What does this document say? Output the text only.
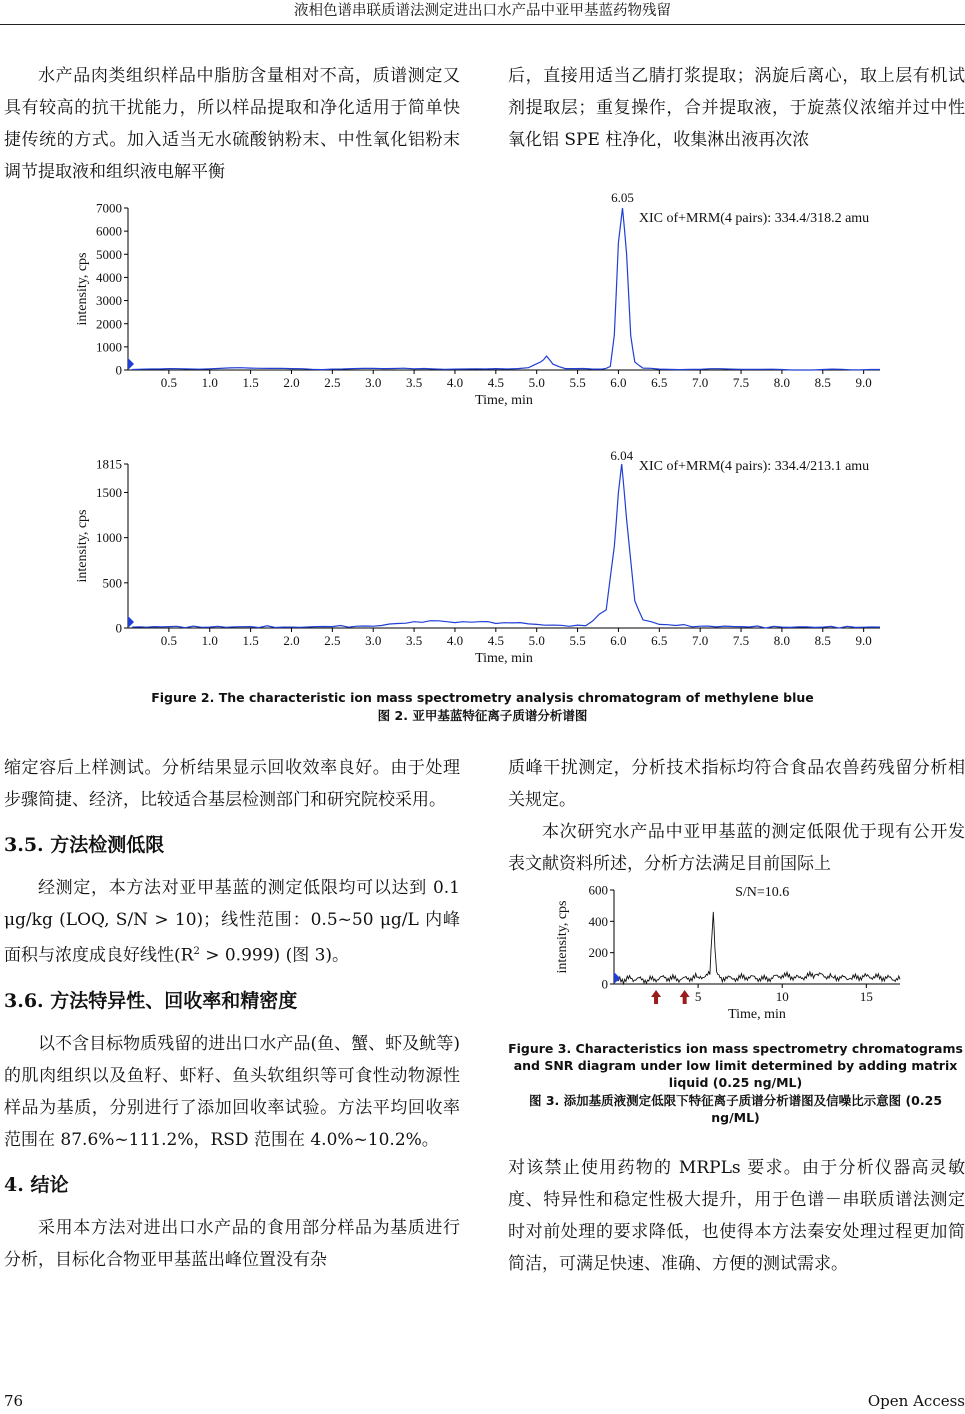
液相色谱串联质谱法测定进出口水产品中亚甲基蓝药物残留

水产品肉类组织样品中脂肪含量相对不高，质谱测定又具有较高的抗干扰能力，所以样品提取和净化适用于简单快捷传统的方式。加入适当无水硫酸钠粉末、中性氧化铝粉末调节提取液和组织液电解平衡

后，直接用适当乙腈打浆提取；涡旋后离心，取上层有机试剂提取层；重复操作，合并提取液，于旋蒸仪浓缩并过中性氧化铝 SPE 柱净化，收集淋出液再次浓

0.5 1.0 1.5 2.0 2.5 3.0 3.5 4.0 4.5 5.0 5.5 6.0 6.5 7.0 7.5 8.0 8.5 9.0
0
1000
2000
3000
4000
5000
6000
7000
Time, min
intensity, cps
6.05
XIC of+MRM(4 pairs): 334.4/318.2 amu
0.5 1.0 1.5 2.0 2.5 3.0 3.5 4.0 4.5 5.0 5.5 6.0 6.5 7.0 7.5 8.0 8.5 9.0
0
500
1000
1500
1815
Time, min
intensity, cps
6.04
XIC of+MRM(4 pairs): 334.4/213.1 amu
Figure 2. The characteristic ion mass spectrometry analysis chromatogram of methylene blue
图 2. 亚甲基蓝特征离子质谱分析谱图

缩定容后上样测试。分析结果显示回收效率良好。由于处理步骤简捷、经济，比较适合基层检测部门和研究院校采用。

3.5. 方法检测低限

经测定，本方法对亚甲基蓝的测定低限均可以达到 0.1 μg/kg (LOQ, S/N > 10)；线性范围：0.5~50 μg/L 内峰面积与浓度成良好线性$(R^2 > 0.999)$ (图 3)。

3.6. 方法特异性、回收率和精密度

以不含目标物质残留的进出口水产品(鱼、蟹、虾及鱿等)的肌肉组织以及鱼籽、虾籽、鱼头软组织等可食性动物源性样品为基质，分别进行了添加回收率试验。方法平均回收率范围在 87.6%~111.2%，RSD 范围在 4.0%~10.2%。

4. 结论

采用本方法对进出口水产品的食用部分样品为基质进行分析，目标化合物亚甲基蓝出峰位置没有杂

质峰干扰测定，分析技术指标均符合食品农兽药残留分析相关规定。

本次研究水产品中亚甲基蓝的测定低限优于现有公开发表文献资料所述，分析方法满足目前国际上

5	10	15
0
200
400
600
Time, min
intensity, cps
S/N=10.6
Figure 3. Characteristics ion mass spectrometry chromatograms and SNR diagram under low limit determined by adding matrix liquid (0.25 ng/ML)
图 3. 添加基质液测定低限下特征离子质谱分析谱图及信噪比示意图 (0.25 ng/ML)

对该禁止使用药物的 MRPLs 要求。由于分析仪器高灵敏度、特异性和稳定性极大提升，用于色谱－串联质谱法测定时对前处理的要求降低，也使得本方法秦安处理过程更加简简洁，可满足快速、准确、方便的测试需求。

76	Open Access
